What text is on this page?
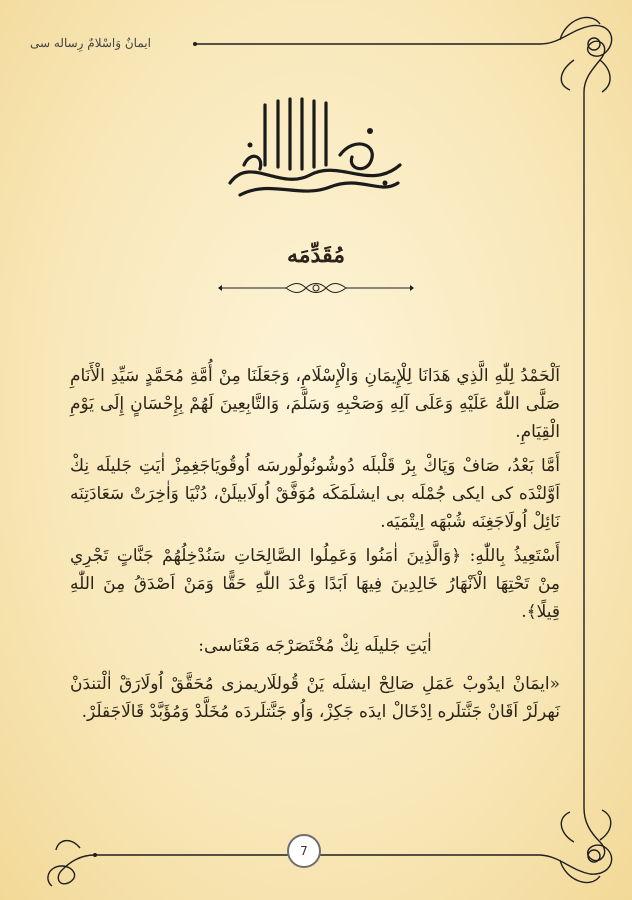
ايمانٌ وَاسْلامٌ رِساله سى
مُقَدِّمَه

اَلْحَمْدُ لِلّٰهِ الَّذِي هَدَانَا لِلْإِيمَانِ وَالْإِسْلَامِ، وَجَعَلَنَا مِنْ أُمَّةِ مُحَمَّدٍ سَيِّدِ الْأَنَامِ صَلَّى اللّٰهُ عَلَيْهِ وَعَلَى آلِهِ وَصَحْبِهِ وَسَلَّمَ، وَالتَّابِعِينَ لَهُمْ بِإِحْسَانٍ إِلَى يَوْمِ الْقِيَامِ.

أَمَّا بَعْدُ، صَافْ وَپَاكْ بِرْ قَلْبلَه دُوشُونُولُورسَه اُوقُويَاجَغِمِزْ اٰيَتِ جَليلَه نِكْ اَوَّلنْدَه كى ايكى جُمْلَه بى ايشلَمَكَه مُوَفَّقْ اُولَابيلَنْ، دُنْيَا وَاٰخِرَتْ سَعَادَتِنَه نَائِلْ اُولَاجَغِنَه شُبْهَه اِيتْمَيَه.

أَسْتَعِيذُ بِاللّٰهِ: ﴿وَالَّذِينَ اٰمَنُوا وَعَمِلُوا الصَّالِحَاتِ سَنُدْخِلُهُمْ جَنَّاتٍ تَجْرِي مِنْ تَحْتِهَا الْاَنْهَارُ خَالِدِينَ فِيهَا اَبَدًا وَعْدَ اللّٰهِ حَقًّا وَمَنْ اَصْدَقُ مِنَ اللّٰهِ قِيلًا﴾.

اٰيَتِ جَليلَه نِكْ مُخْتَصَرْجَه مَعْنَاسى:

«ايمَانْ ايدُوبْ عَمَلِ صَالِحْ ايشلَه يَنْ قُوللَاريمزى مُحَقَّقْ اُولَارَقْ اٰلْتندَنْ نَهرلَرْ اَقَانْ جَنَّتلَره اِدْخَالْ ايدَه جَكِزْ، وَاُو جَنَّتلَردَه مُخَلَّدْ وَمُؤَبَّدْ قَالَاجَقلَرْ.

7
